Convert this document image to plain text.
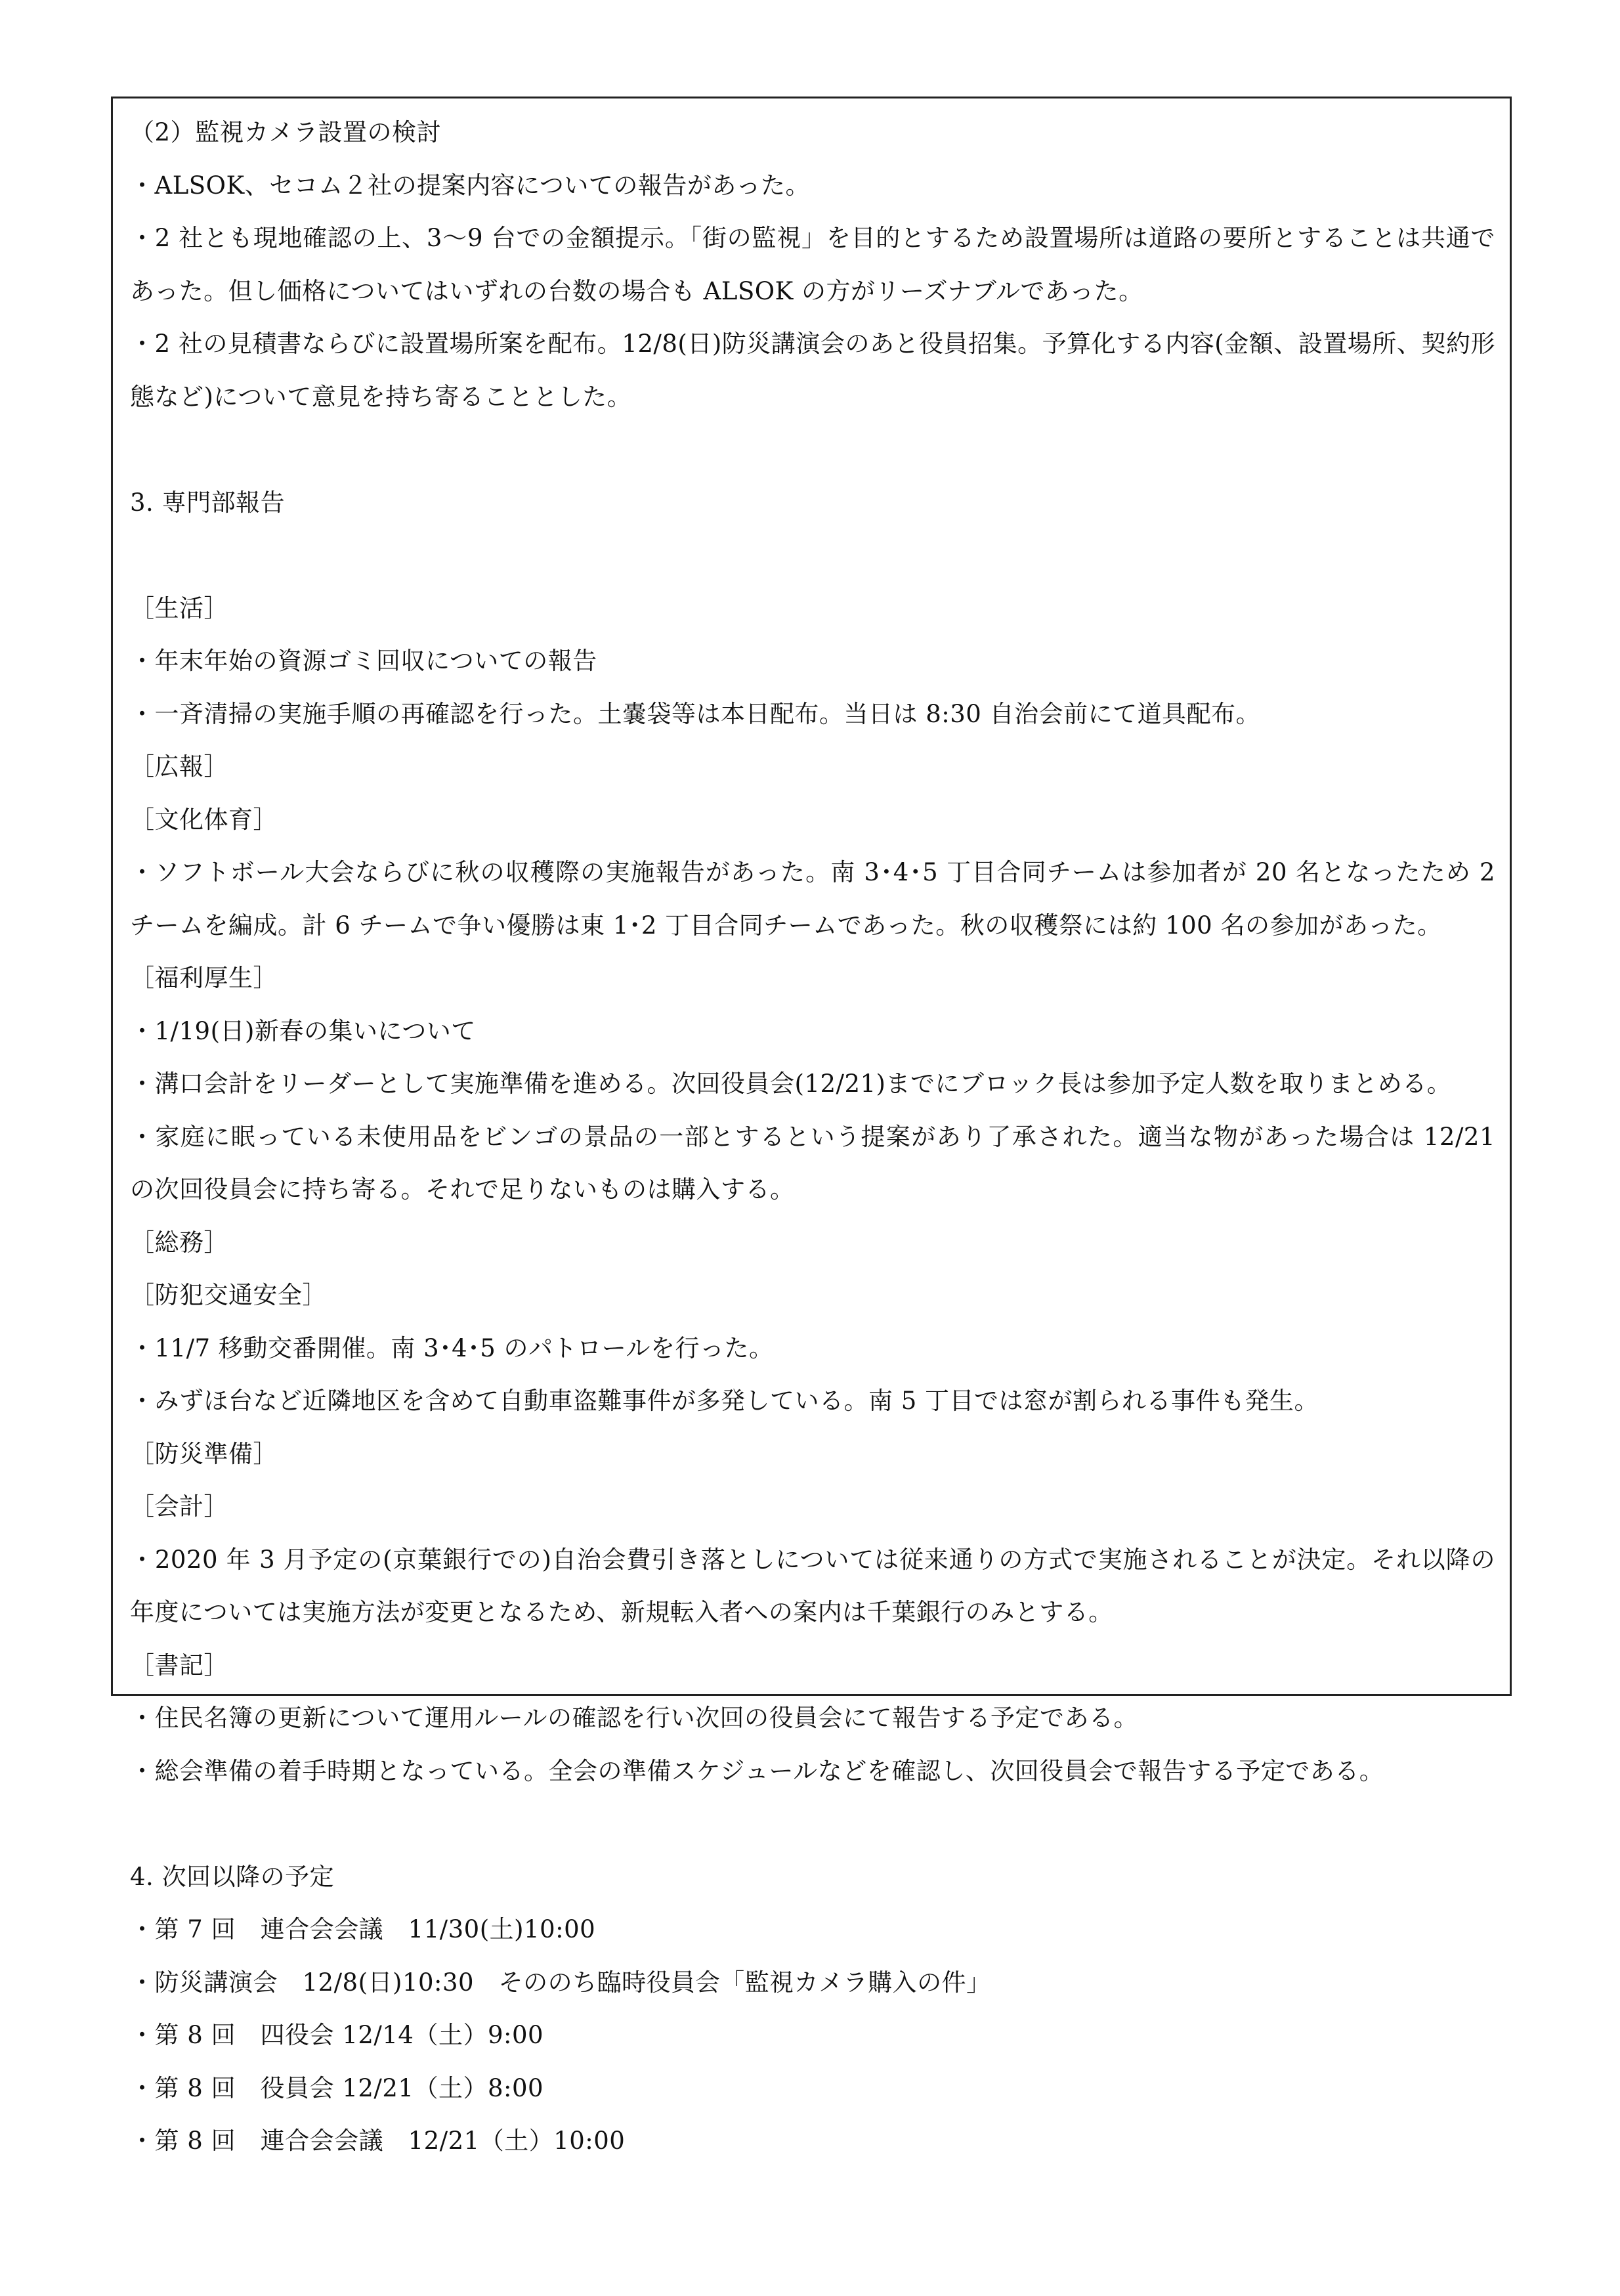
（2）監視カメラ設置の検討
・ALSOK、セコム２社の提案内容についての報告があった。
・2 社とも現地確認の上、3〜9 台での金額提示。「街の監視」を目的とするため設置場所は道路の要所とすることは共通であった。但し価格についてはいずれの台数の場合も ALSOK の方がリーズナブルであった。
・2 社の見積書ならびに設置場所案を配布。12/8(日)防災講演会のあと役員招集。予算化する内容(金額、設置場所、契約形態など)について意見を持ち寄ることとした。
3. 専門部報告
［生活］
・年末年始の資源ゴミ回収についての報告
・一斉清掃の実施手順の再確認を行った。土嚢袋等は本日配布。当日は 8:30 自治会前にて道具配布。
［広報］
［文化体育］
・ソフトボール大会ならびに秋の収穫際の実施報告があった。南 3･4･5 丁目合同チームは参加者が 20 名となったため 2 チームを編成。計 6 チームで争い優勝は東 1･2 丁目合同チームであった。秋の収穫祭には約 100 名の参加があった。
［福利厚生］
・1/19(日)新春の集いについて
・溝口会計をリーダーとして実施準備を進める。次回役員会(12/21)までにブロック長は参加予定人数を取りまとめる。
・家庭に眠っている未使用品をビンゴの景品の一部とするという提案があり了承された。適当な物があった場合は 12/21 の次回役員会に持ち寄る。それで足りないものは購入する。
［総務］
［防犯交通安全］
・11/7 移動交番開催。南 3･4･5 のパトロールを行った。
・みずほ台など近隣地区を含めて自動車盗難事件が多発している。南 5 丁目では窓が割られる事件も発生。
［防災準備］
［会計］
・2020 年 3 月予定の(京葉銀行での)自治会費引き落としについては従来通りの方式で実施されることが決定。それ以降の年度については実施方法が変更となるため、新規転入者への案内は千葉銀行のみとする。
［書記］
・住民名簿の更新について運用ルールの確認を行い次回の役員会にて報告する予定である。
・総会準備の着手時期となっている。全会の準備スケジュールなどを確認し、次回役員会で報告する予定である。
4. 次回以降の予定
・第 7 回　連合会会議　11/30(土)10:00
・防災講演会　12/8(日)10:30　そののち臨時役員会「監視カメラ購入の件」
・第 8 回　四役会 12/14（土）9:00
・第 8 回　役員会 12/21（土）8:00
・第 8 回　連合会会議　12/21（土）10:00
